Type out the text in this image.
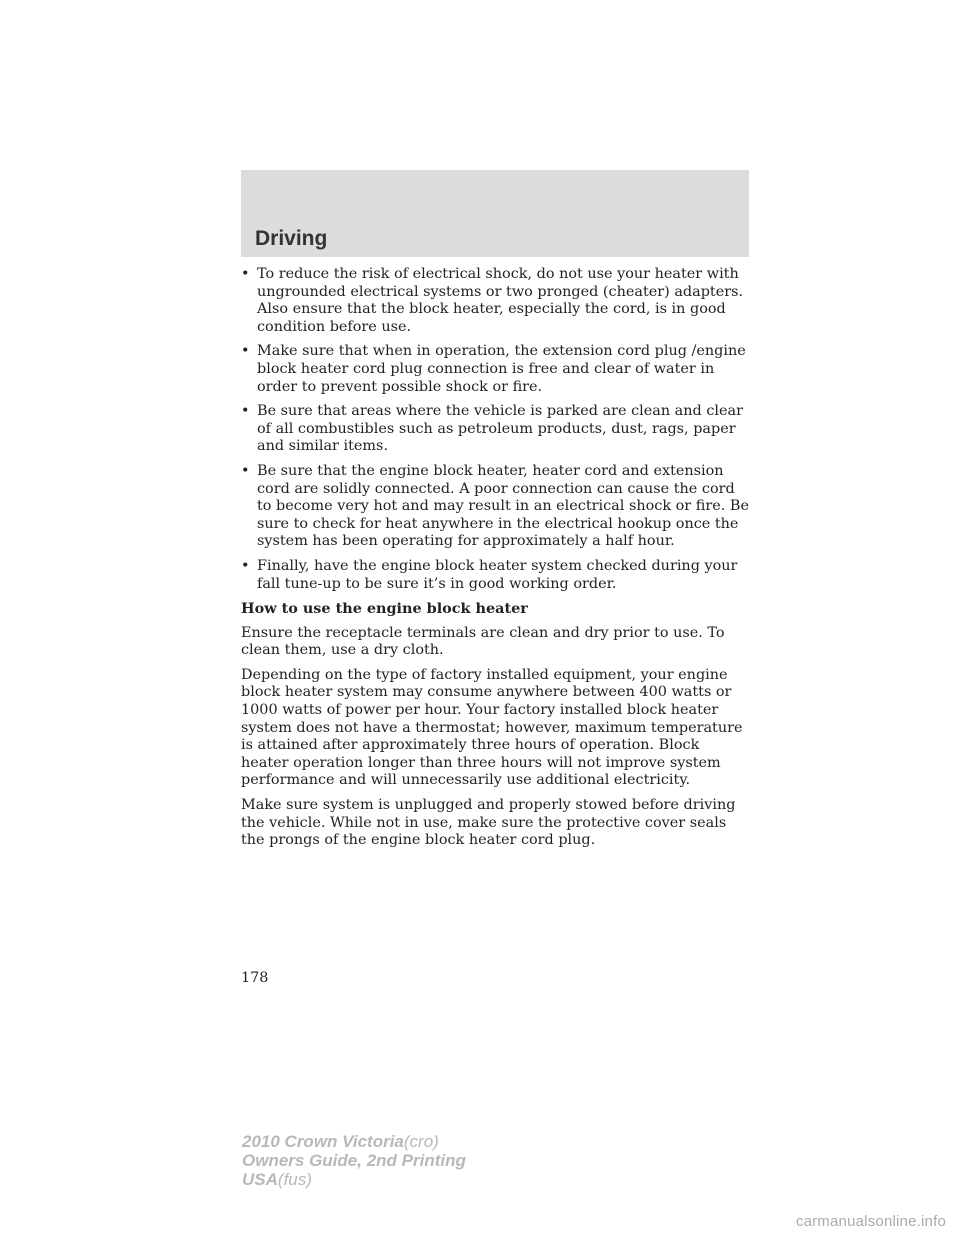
Driving
• To reduce the risk of electrical shock, do not use your heater with ungrounded electrical systems or two pronged (cheater) adapters. Also ensure that the block heater, especially the cord, is in good condition before use.
• Make sure that when in operation, the extension cord plug /engine block heater cord plug connection is free and clear of water in order to prevent possible shock or fire.
• Be sure that areas where the vehicle is parked are clean and clear of all combustibles such as petroleum products, dust, rags, paper and similar items.
• Be sure that the engine block heater, heater cord and extension cord are solidly connected. A poor connection can cause the cord to become very hot and may result in an electrical shock or fire. Be sure to check for heat anywhere in the electrical hookup once the system has been operating for approximately a half hour.
• Finally, have the engine block heater system checked during your fall tune-up to be sure it’s in good working order.

How to use the engine block heater

Ensure the receptacle terminals are clean and dry prior to use. To clean them, use a dry cloth.

Depending on the type of factory installed equipment, your engine block heater system may consume anywhere between 400 watts or 1000 watts of power per hour. Your factory installed block heater system does not have a thermostat; however, maximum temperature is attained after approximately three hours of operation. Block heater operation longer than three hours will not improve system performance and will unnecessarily use additional electricity.

Make sure system is unplugged and properly stowed before driving the vehicle. While not in use, make sure the protective cover seals the prongs of the engine block heater cord plug.

178
2010 Crown Victoria(cro)
Owners Guide, 2nd Printing
USA(fus)
carmanualsonline.info
